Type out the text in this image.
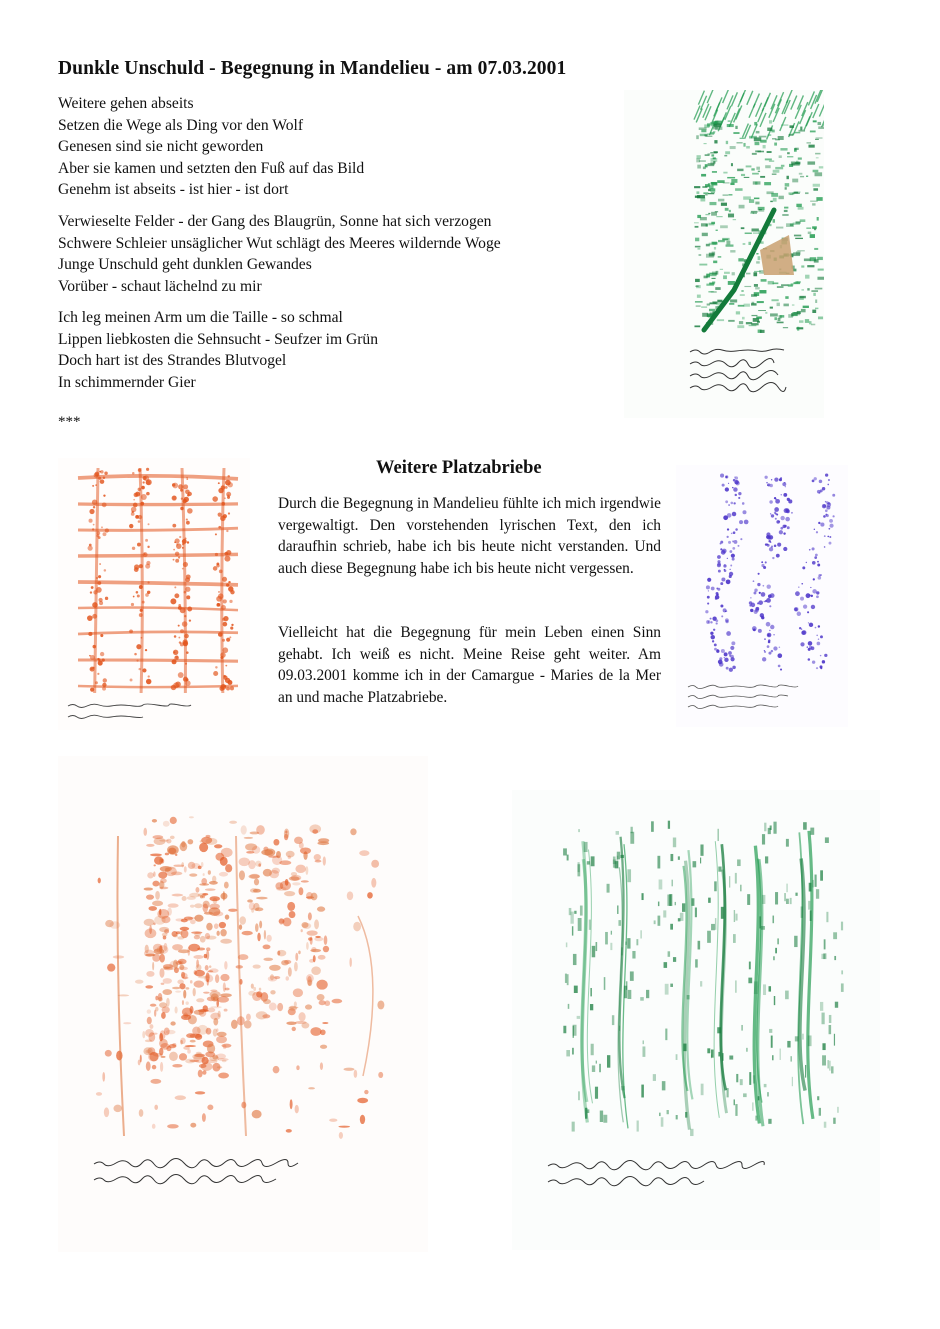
Dunkle Unschuld - Begegnung in Mandelieu - am 07.03.2001
Weitere gehen abseits
Setzen die Wege als Ding vor den Wolf
Genesen sind sie nicht geworden
Aber sie kamen und setzten den Fuß auf das Bild
Genehm ist abseits - ist hier - ist dort
Verwieselte Felder - der Gang des Blaugrün, Sonne hat sich verzogen
Schwere Schleier unsäglicher Wut schlägt des Meeres wildernde Woge
Junge Unschuld geht dunklen Gewandes
Vorüber - schaut lächelnd zu mir
Ich leg meinen Arm um die Taille - so schmal
Lippen liebkosten die Sehnsucht - Seufzer im Grün
Doch hart ist des Strandes Blutvogel
In schimmernder Gier
***
Weitere Platzabriebe

Durch die Begegnung in Mandelieu fühlte ich mich irgendwie vergewaltigt. Den vorstehenden lyrischen Text, den ich daraufhin schrieb, habe ich bis heute nicht verstanden. Und auch diese Begegnung habe ich bis heute nicht vergessen.

Vielleicht hat die Begegnung für mein Leben einen Sinn gehabt. Ich weiß es nicht. Meine Reise geht weiter. Am 09.03.2001 komme ich in der Camargue - Maries de la Mer an und mache Platzabriebe.
